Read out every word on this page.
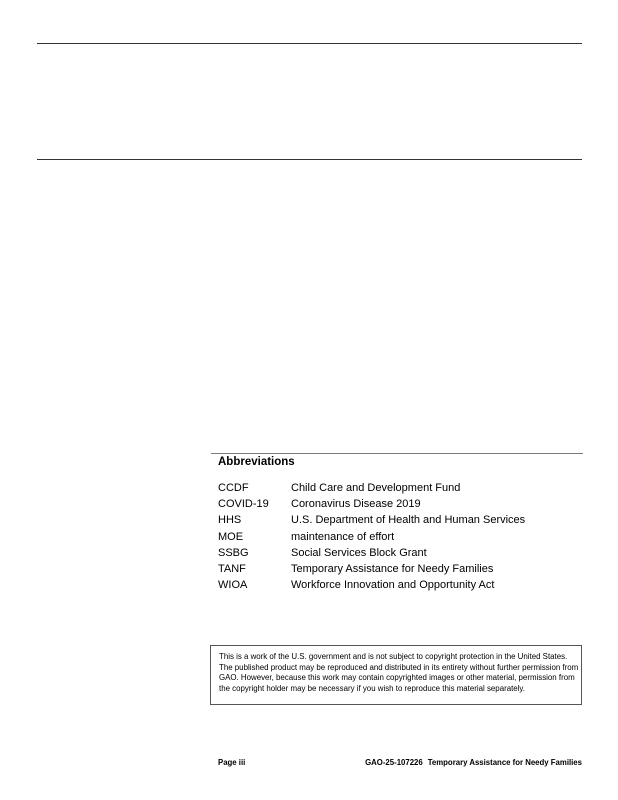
Abbreviations
CCDF	Child Care and Development Fund
COVID-19	Coronavirus Disease 2019
HHS	U.S. Department of Health and Human Services
MOE	maintenance of effort
SSBG	Social Services Block Grant
TANF	Temporary Assistance for Needy Families
WIOA	Workforce Innovation and Opportunity Act
This is a work of the U.S. government and is not subject to copyright protection in the United States. The published product may be reproduced and distributed in its entirety without further permission from GAO. However, because this work may contain copyrighted images or other material, permission from the copyright holder may be necessary if you wish to reproduce this material separately.
Page iii	GAO-25-107226 Temporary Assistance for Needy Families
